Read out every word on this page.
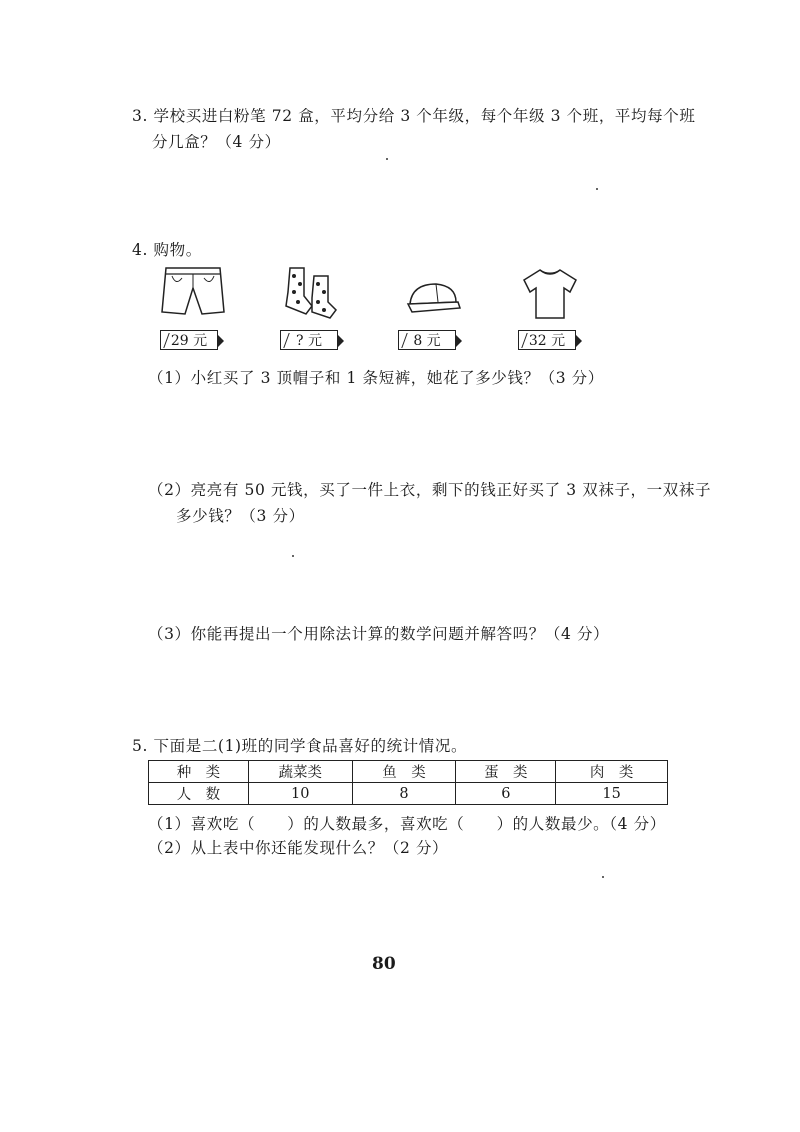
3. 学校买进白粉笔 72 盒，平均分给 3 个年级，每个年级 3 个班，平均每个班
分几盒？（4 分）
4. 购物。
29 元	? 元	8 元	32 元
（1）小红买了 3 顶帽子和 1 条短裤，她花了多少钱？（3 分）
（2）亮亮有 50 元钱，买了一件上衣，剩下的钱正好买了 3 双袜子，一双袜子
多少钱？（3 分）
（3）你能再提出一个用除法计算的数学问题并解答吗？（4 分）
5. 下面是二(1)班的同学食品喜好的统计情况。
种　类	蔬菜类	鱼　类	蛋　类	肉　类
人　数	10	8	6	15
（1）喜欢吃（　　）的人数最多，喜欢吃（　　）的人数最少。（4 分）
（2）从上表中你还能发现什么？（2 分）
80
